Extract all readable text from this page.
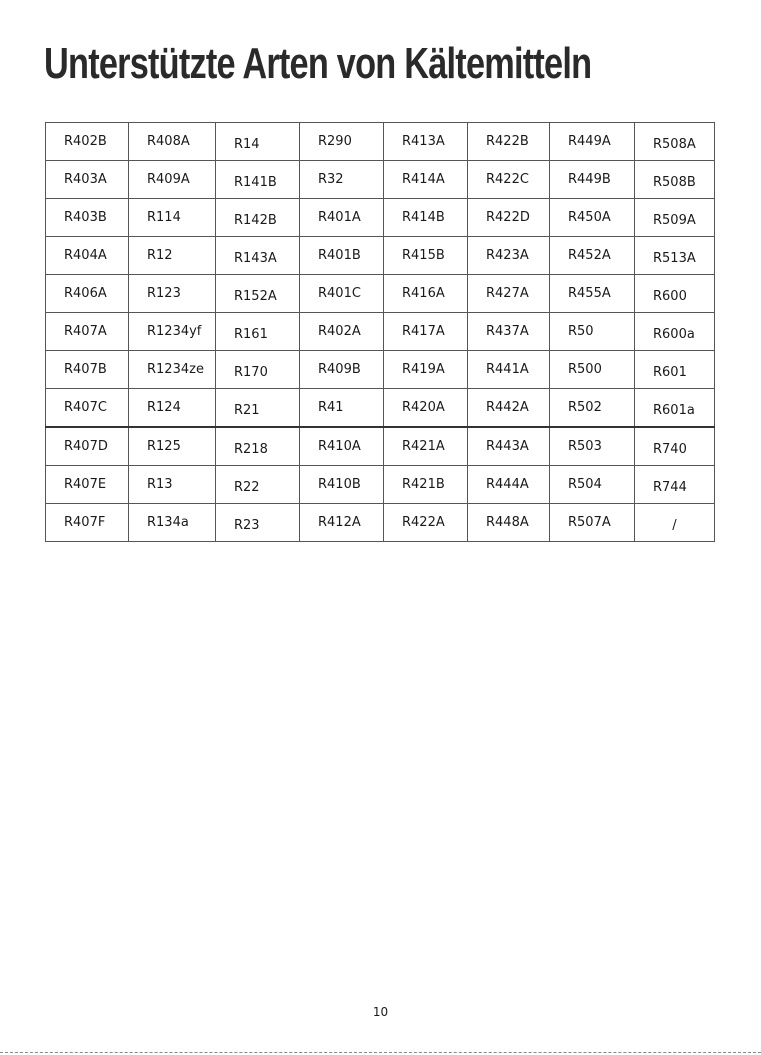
Unterstützte Arten von Kältemitteln
R402B	R408A	R14	R290	R413A	R422B	R449A	R508A
R403A	R409A	R141B	R32	R414A	R422C	R449B	R508B
R403B	R114	R142B	R401A	R414B	R422D	R450A	R509A
R404A	R12	R143A	R401B	R415B	R423A	R452A	R513A
R406A	R123	R152A	R401C	R416A	R427A	R455A	R600
R407A	R1234yf	R161	R402A	R417A	R437A	R50	R600a
R407B	R1234ze	R170	R409B	R419A	R441A	R500	R601
R407C	R124	R21	R41	R420A	R442A	R502	R601a
R407D	R125	R218	R410A	R421A	R443A	R503	R740
R407E	R13	R22	R410B	R421B	R444A	R504	R744
R407F	R134a	R23	R412A	R422A	R448A	R507A	/
10
